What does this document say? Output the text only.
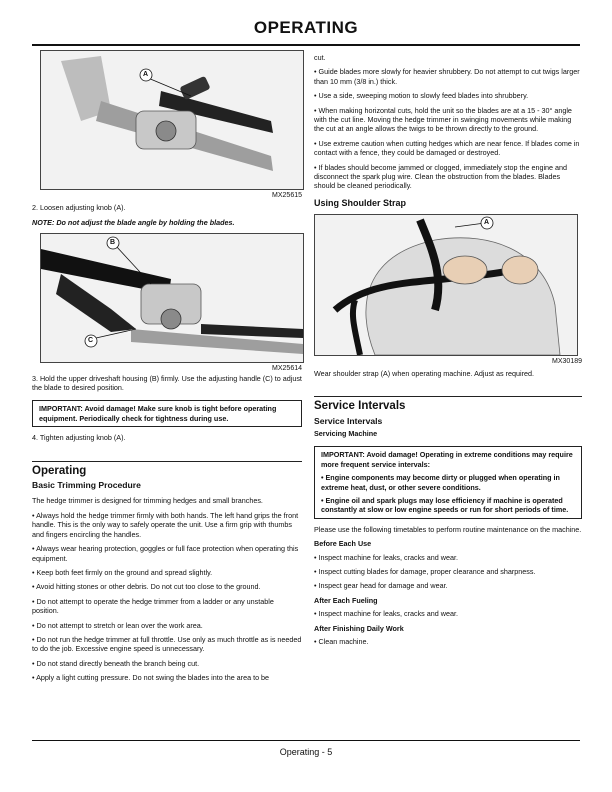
OPERATING
A
MX25615

2. Loosen adjusting knob (A).

NOTE: Do not adjust the blade angle by holding the blades.

B
C
MX25614

3. Hold the upper driveshaft housing (B) firmly. Use the adjusting handle (C) to adjust the blade to desired position.

IMPORTANT: Avoid damage! Make sure knob is tight before operating equipment. Periodically check for tightness during use.

4. Tighten adjusting knob (A).

Operating
Basic Trimming Procedure

The hedge trimmer is designed for trimming hedges and small branches.

• Always hold the hedge trimmer firmly with both hands. The left hand grips the front handle. This is the only way to safely operate the unit. Use a firm grip with thumbs and fingers encircling the handles.

• Always wear hearing protection, goggles or full face protection when operating this equipment.

• Keep both feet firmly on the ground and spread slightly.

• Avoid hitting stones or other debris. Do not cut too close to the ground.

• Do not attempt to operate the hedge trimmer from a ladder or any unstable position.

• Do not attempt to stretch or lean over the work area.

• Do not run the hedge trimmer at full throttle. Use only as much throttle as is needed to do the job. Excessive engine speed is unnecessary.

• Do not stand directly beneath the branch being cut.

• Apply a light cutting pressure. Do not swing the blades into the area to be

cut.

• Guide blades more slowly for heavier shrubbery. Do not attempt to cut twigs larger than 10 mm (3/8 in.) thick.

• Use a side, sweeping motion to slowly feed blades into shrubbery.

• When making horizontal cuts, hold the unit so the blades are at a 15 - 30° angle with the cut line. Moving the hedge trimmer in swinging movements while making the cut at an angle allows the twigs to be thrown directly to the ground.

• Use extreme caution when cutting hedges which are near fence. If blades come in contact with a fence, they could be damaged or destroyed.

• If blades should become jammed or clogged, immediately stop the engine and disconnect the spark plug wire. Clean the obstruction from the blades. Blades should be cleaned periodically.

Using Shoulder Strap
A
MX30189

Wear shoulder strap (A) when operating machine. Adjust as required.

Service Intervals
Service Intervals
Servicing Machine

IMPORTANT: Avoid damage! Operating in extreme conditions may require more frequent service intervals:

• Engine components may become dirty or plugged when operating in extreme heat, dust, or other severe conditions.

• Engine oil and spark plugs may lose efficiency if machine is operated constantly at slow or low engine speeds or run for short periods of time.

Please use the following timetables to perform routine maintenance on the machine.

Before Each Use

• Inspect machine for leaks, cracks and wear.

• Inspect cutting blades for damage, proper clearance and sharpness.

• Inspect gear head for damage and wear.

After Each Fueling

• Inspect machine for leaks, cracks and wear.

After Finishing Daily Work

• Clean machine.

Operating - 5
